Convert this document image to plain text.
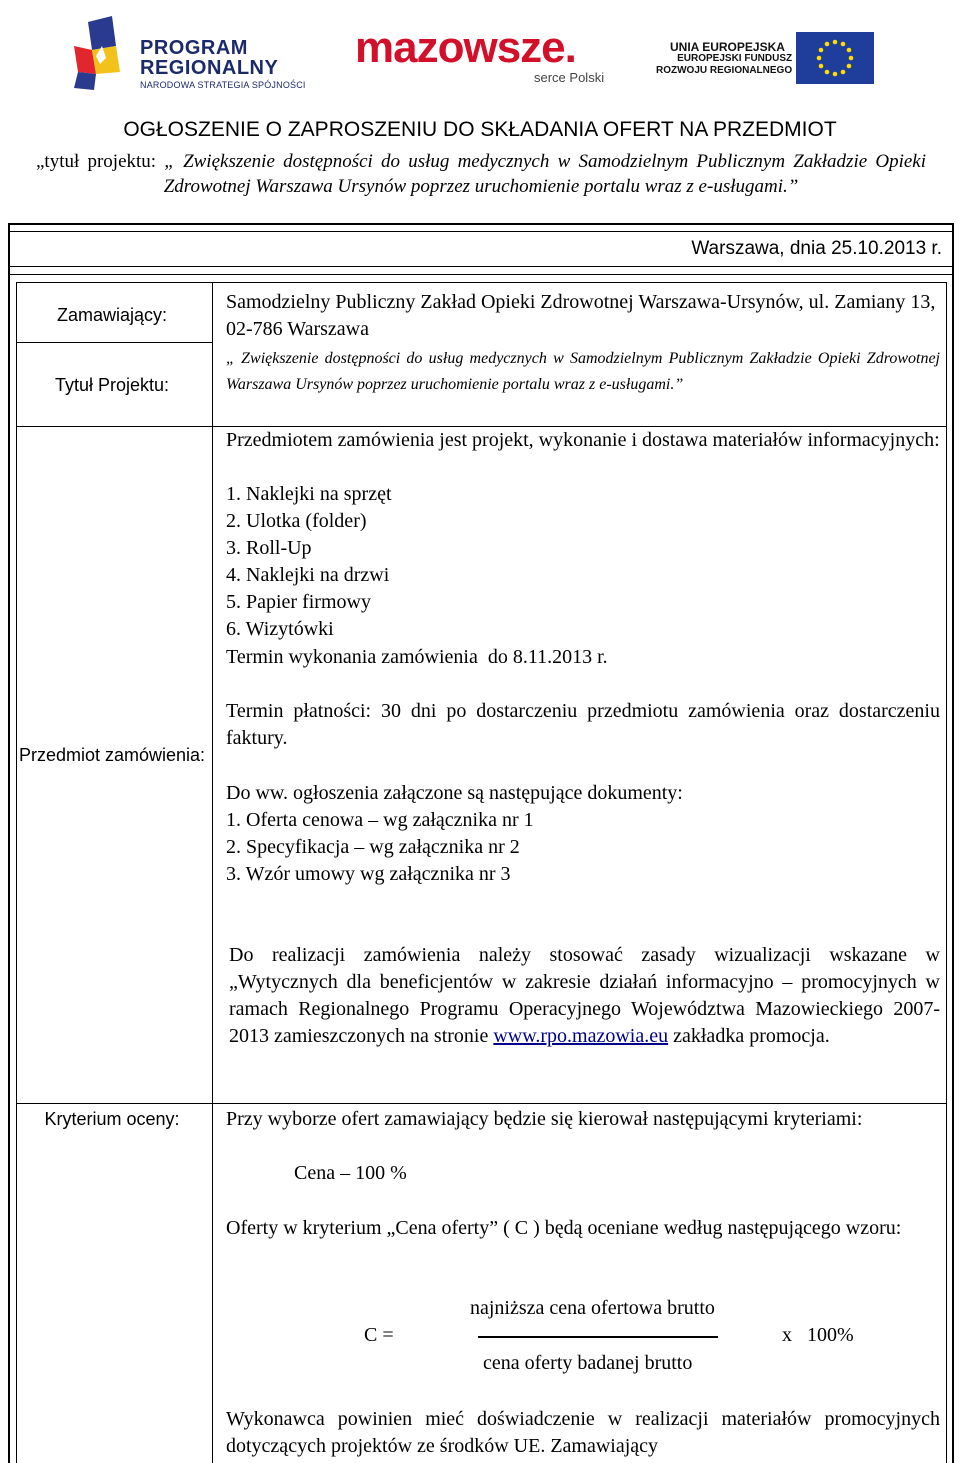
PROGRAM
REGIONALNY
NARODOWA STRATEGIA SPÓJNOŚCI
mazowsze.
serce Polski
UNIA EUROPEJSKA
EUROPEJSKI FUNDUSZ
ROZWOJU REGIONALNEGO
OGŁOSZENIE O ZAPROSZENIU DO SKŁADANIA OFERT NA PRZEDMIOT
„tytuł projektu: „ Zwiększenie dostępności do usług medycznych w Samodzielnym Publicznym Zakładzie Opieki Zdrowotnej Warszawa Ursynów poprzez uruchomienie portalu wraz z e-usługami.”
Warszawa, dnia 25.10.2013 r.
Zamawiający:
Tytuł Projektu:
Przedmiot zamówienia:
Kryterium oceny:
Samodzielny Publiczny Zakład Opieki Zdrowotnej Warszawa-Ursynów, ul. Zamiany 13, 02-786 Warszawa
„ Zwiększenie dostępności do usług medycznych w Samodzielnym Publicznym Zakładzie Opieki Zdrowotnej Warszawa Ursynów poprzez uruchomienie portalu wraz z e-usługami.”
Przedmiotem zamówienia jest projekt, wykonanie i dostawa materiałów informacyjnych:
1. Naklejki na sprzęt
2. Ulotka (folder)
3. Roll-Up
4. Naklejki na drzwi
5. Papier firmowy
6. Wizytówki
Termin wykonania zamówienia  do 8.11.2013 r.
Termin płatności: 30 dni po dostarczeniu przedmiotu zamówienia oraz dostarczeniu faktury.
Do ww. ogłoszenia załączone są następujące dokumenty:
1. Oferta cenowa – wg załącznika nr 1
2. Specyfikacja – wg załącznika nr 2
3. Wzór umowy wg załącznika nr 3
Do realizacji zamówienia należy stosować zasady wizualizacji wskazane w „Wytycznych dla beneficjentów w zakresie działań informacyjno – promocyjnych w ramach Regionalnego Programu Operacyjnego Województwa Mazowieckiego 2007-2013 zamieszczonych na stronie www.rpo.mazowia.eu zakładka promocja.
Przy wyborze ofert zamawiający będzie się kierował następującymi kryteriami:
Cena – 100 %
Oferty w kryterium „Cena oferty” ( C ) będą oceniane według następującego wzoru:
C =
najniższa cena ofertowa brutto
cena oferty badanej brutto
x   100%
Wykonawca powinien mieć doświadczenie w realizacji materiałów promocyjnych dotyczących projektów ze środków UE. Zamawiający
